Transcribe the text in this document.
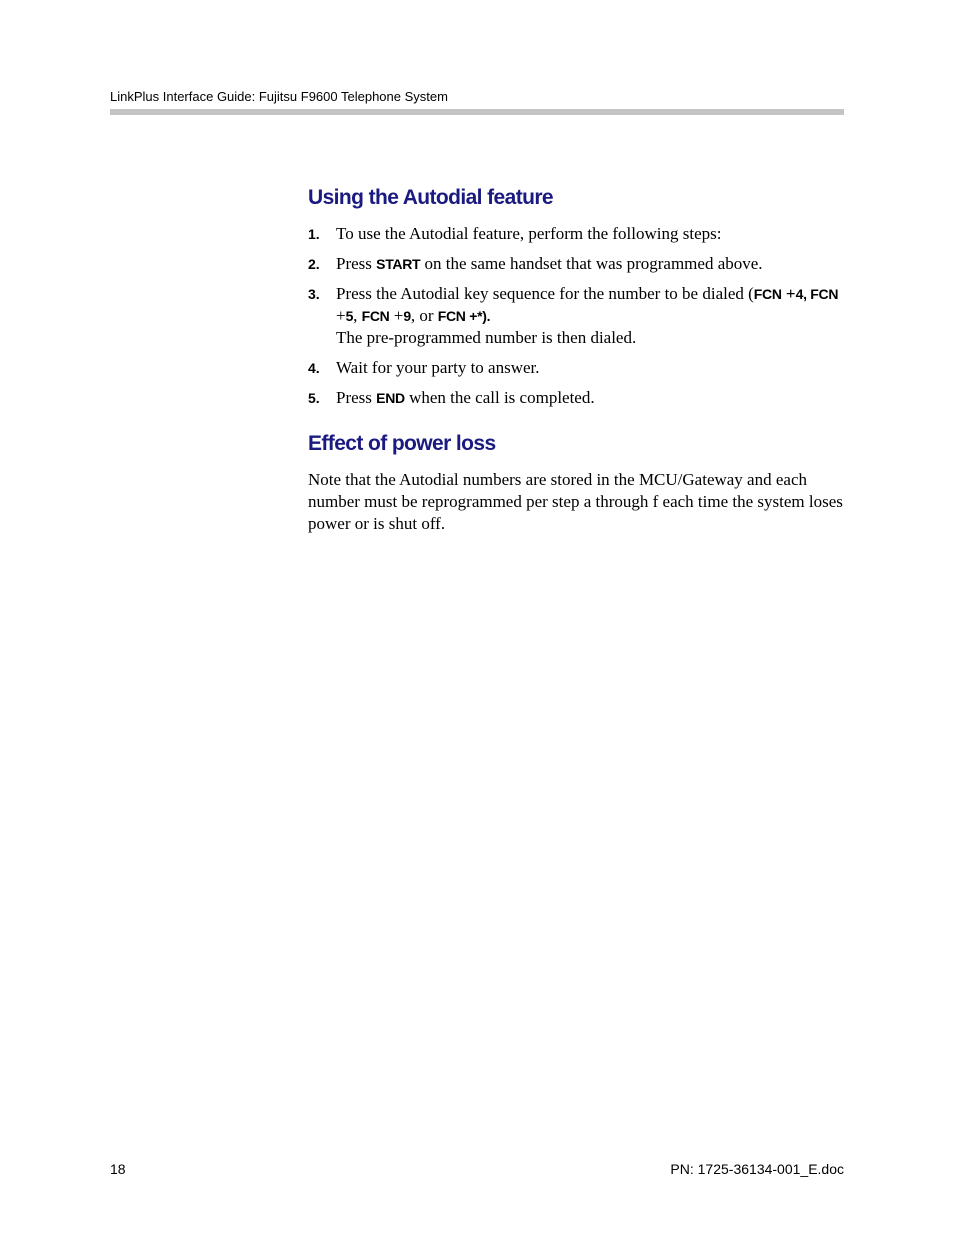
LinkPlus Interface Guide: Fujitsu F9600 Telephone System
Using the Autodial feature
1. To use the Autodial feature, perform the following steps:
2. Press START on the same handset that was programmed above.
3. Press the Autodial key sequence for the number to be dialed (FCN +4, FCN +5, FCN +9, or FCN +*).
The pre-programmed number is then dialed.
4. Wait for your party to answer.
5. Press END when the call is completed.
Effect of power loss

Note that the Autodial numbers are stored in the MCU/Gateway and each number must be reprogrammed per step a through f each time the system loses power or is shut off.

18	PN: 1725-36134-001_E.doc
